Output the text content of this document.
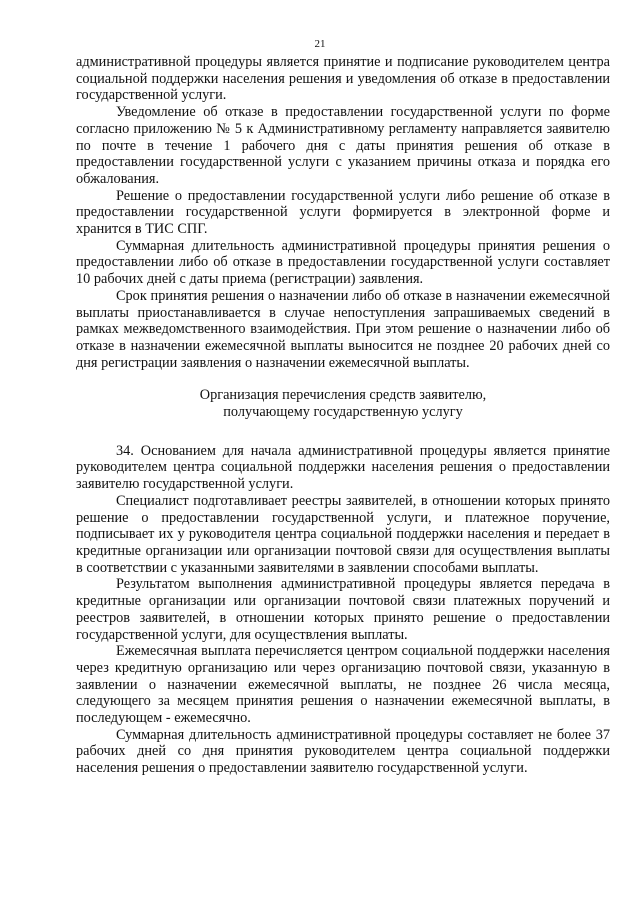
21

административной процедуры является принятие и подписание руководителем центра социальной поддержки населения решения и уведомления об отказе в предоставлении государственной услуги.

Уведомление об отказе в предоставлении государственной услуги по форме согласно приложению № 5 к Административному регламенту направляется заявителю по почте в течение 1 рабочего дня с даты принятия решения об отказе в предоставлении государственной услуги с указанием причины отказа и порядка его обжалования.

Решение о предоставлении государственной услуги либо решение об отказе в предоставлении государственной услуги формируется в электронной форме и хранится в ТИС СПГ.

Суммарная длительность административной процедуры принятия решения о предоставлении либо об отказе в предоставлении государственной услуги составляет 10 рабочих дней с даты приема (регистрации) заявления.

Срок принятия решения о назначении либо об отказе в назначении ежемесячной выплаты приостанавливается в случае непоступления запрашиваемых сведений в рамках межведомственного взаимодействия. При этом решение о назначении либо об отказе в назначении ежемесячной выплаты выносится не позднее 20 рабочих дней со дня регистрации заявления о назначении ежемесячной выплаты.

Организация перечисления средств заявителю,
получающему государственную услугу

34. Основанием для начала административной процедуры является принятие руководителем центра социальной поддержки населения решения о предоставлении заявителю государственной услуги.

Специалист подготавливает реестры заявителей, в отношении которых принято решение о предоставлении государственной услуги, и платежное поручение, подписывает их у руководителя центра социальной поддержки населения и передает в кредитные организации или организации почтовой связи для осуществления выплаты в соответствии с указанными заявителями в заявлении способами выплаты.

Результатом выполнения административной процедуры является передача в кредитные организации или организации почтовой связи платежных поручений и реестров заявителей, в отношении которых принято решение о предоставлении государственной услуги, для осуществления выплаты.

Ежемесячная выплата перечисляется центром социальной поддержки населения через кредитную организацию или через организацию почтовой связи, указанную в заявлении о назначении ежемесячной выплаты, не позднее 26 числа месяца, следующего за месяцем принятия решения о назначении ежемесячной выплаты, в последующем - ежемесячно.

Суммарная длительность административной процедуры составляет не более 37 рабочих дней со дня принятия руководителем центра социальной поддержки населения решения о предоставлении заявителю государственной услуги.
